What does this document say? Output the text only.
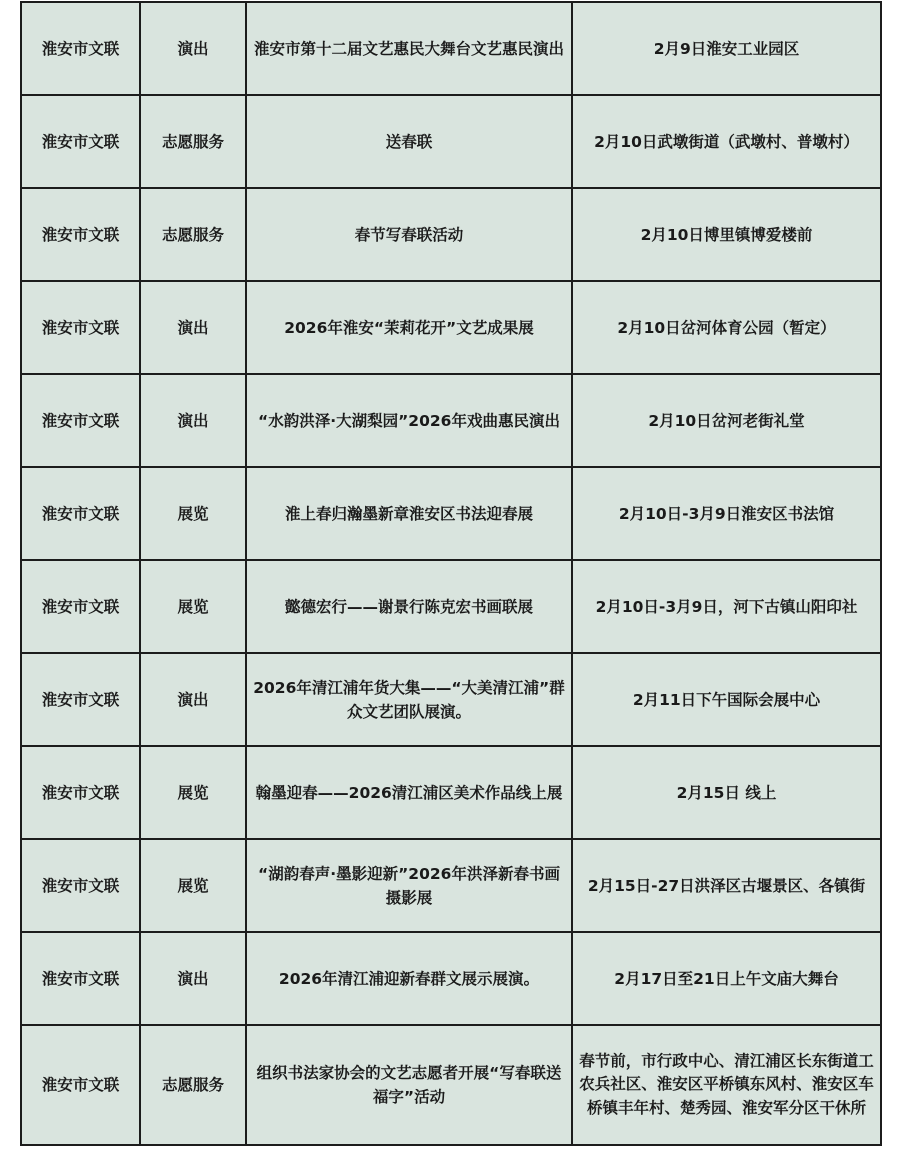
淮安市文联	演出	淮安市第十二届文艺惠民大舞台文艺惠民演出	2月9日淮安工业园区
淮安市文联	志愿服务	送春联	2月10日武墩街道（武墩村、普墩村）
淮安市文联	志愿服务	春节写春联活动	2月10日博里镇博爱楼前
淮安市文联	演出	2026年淮安“茉莉花开”文艺成果展	2月10日岔河体育公园（暂定）
淮安市文联	演出	“水韵洪泽·大湖梨园”2026年戏曲惠民演出	2月10日岔河老街礼堂
淮安市文联	展览	淮上春归瀚墨新章淮安区书法迎春展	2月10日-3月9日淮安区书法馆
淮安市文联	展览	懿德宏行——谢景行陈克宏书画联展	2月10日-3月9日，河下古镇山阳印社
淮安市文联	演出	2026年清江浦年货大集——“大美清江浦”群众文艺团队展演。	2月11日下午国际会展中心
淮安市文联	展览	翰墨迎春——2026清江浦区美术作品线上展	2月15日 线上
淮安市文联	展览	“湖韵春声·墨影迎新”2026年洪泽新春书画摄影展	2月15日-27日洪泽区古堰景区、各镇街
淮安市文联	演出	2026年清江浦迎新春群文展示展演。	2月17日至21日上午文庙大舞台
淮安市文联	志愿服务	组织书法家协会的文艺志愿者开展“写春联送福字”活动	春节前，市行政中心、清江浦区长东街道工农兵社区、淮安区平桥镇东风村、淮安区车桥镇丰年村、楚秀园、淮安军分区干休所
